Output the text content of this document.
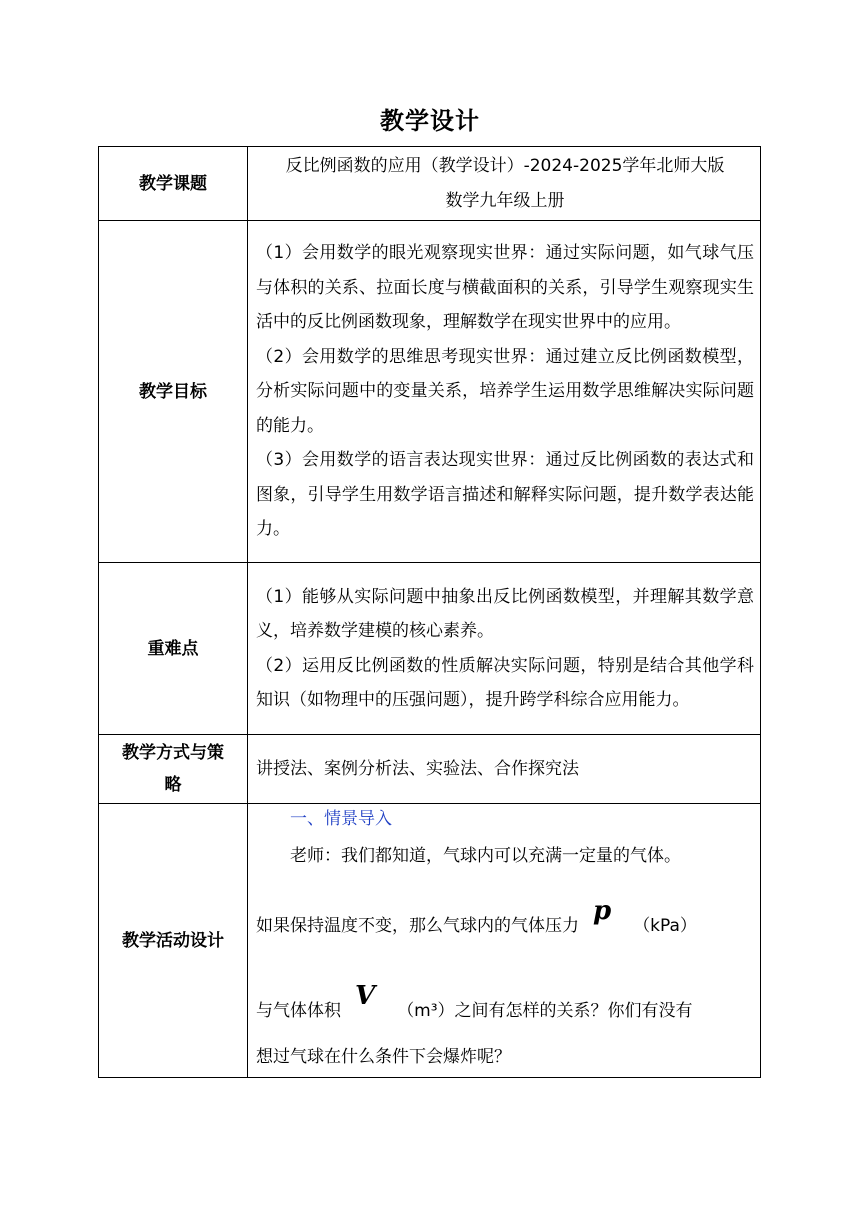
教学设计
教学课题	反比例函数的应用（教学设计）-2024-2025学年北师大版

数学九年级上册

教学目标	（1）会用数学的眼光观察现实世界：通过实际问题，如气球气压与体积的关系、拉面长度与横截面积的关系，引导学生观察现实生活中的反比例函数现象，理解数学在现实世界中的应用。

（2）会用数学的思维思考现实世界：通过建立反比例函数模型，分析实际问题中的变量关系，培养学生运用数学思维解决实际问题的能力。

（3）会用数学的语言表达现实世界：通过反比例函数的表达式和图象，引导学生用数学语言描述和解释实际问题，提升数学表达能力。

重难点	（1）能够从实际问题中抽象出反比例函数模型，并理解其数学意义，培养数学建模的核心素养。

（2）运用反比例函数的性质解决实际问题，特别是结合其他学科知识（如物理中的压强问题），提升跨学科综合应用能力。

教学方式与策
略	讲授法、案例分析法、实验法、合作探究法

教学活动设计	一、情景导入

老师：我们都知道，气球内可以充满一定量的气体。

如果保持温度不变，那么气球内的气体压力 p （kPa）

与气体体积 V （m³）之间有怎样的关系？你们有没有

想过气球在什么条件下会爆炸呢？
